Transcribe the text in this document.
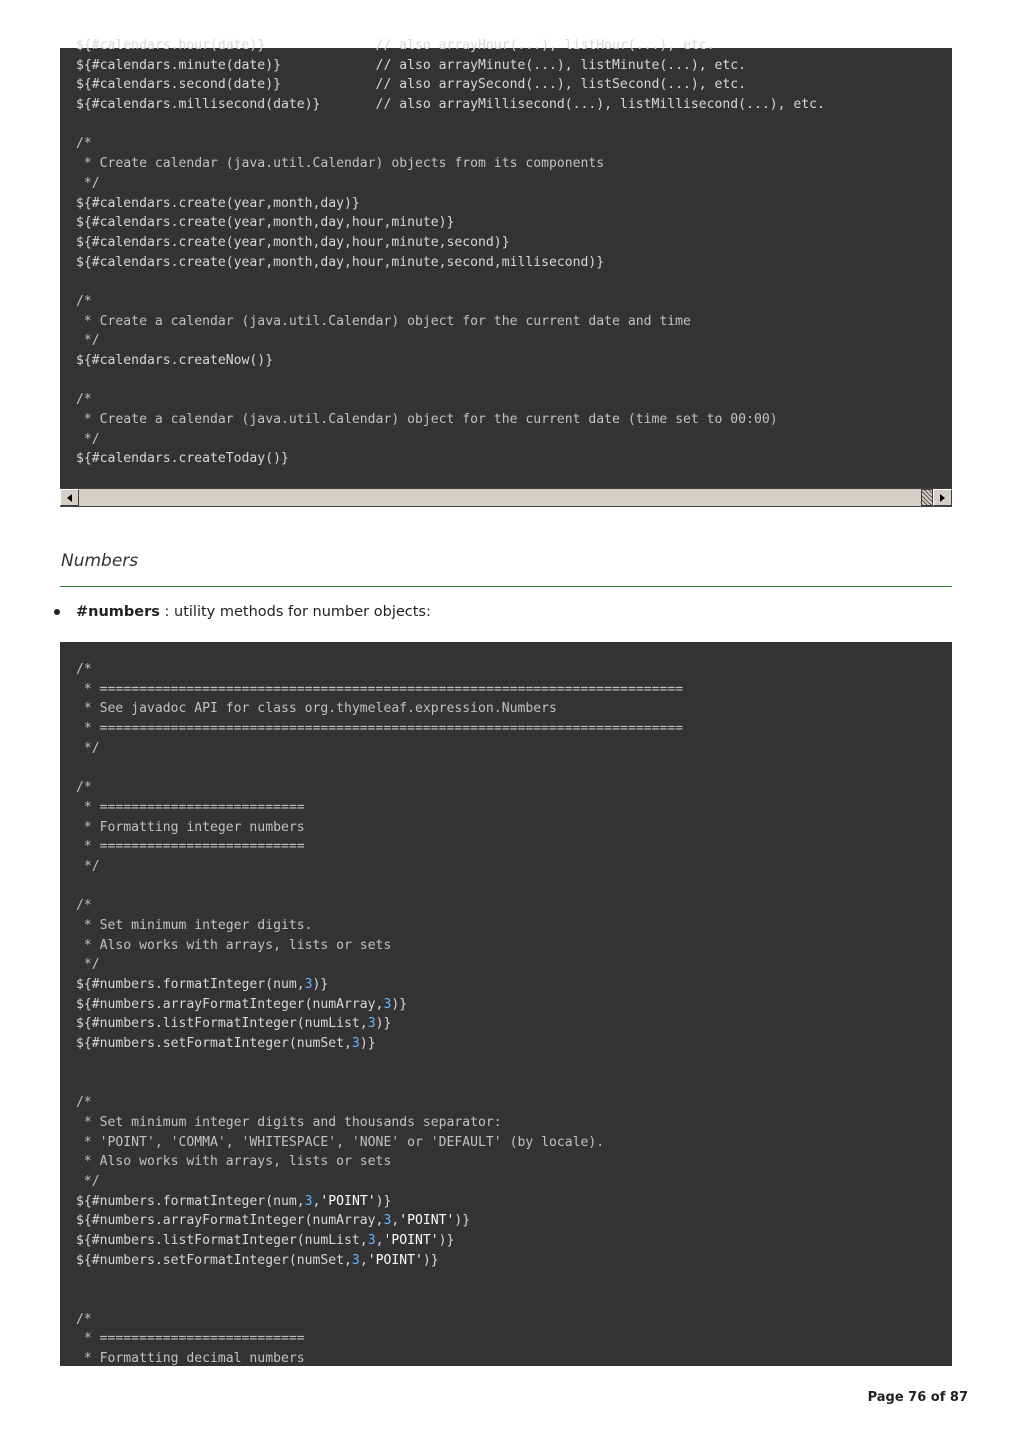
${#calendars.hour(date)}              // also arrayHour(...), listHour(...), etc.
${#calendars.minute(date)}            // also arrayMinute(...), listMinute(...), etc.
${#calendars.second(date)}            // also arraySecond(...), listSecond(...), etc.
${#calendars.millisecond(date)}       // also arrayMillisecond(...), listMillisecond(...), etc.
/*
* Create calendar (java.util.Calendar) objects from its components
*/
${#calendars.create(year,month,day)}
${#calendars.create(year,month,day,hour,minute)}
${#calendars.create(year,month,day,hour,minute,second)}
${#calendars.create(year,month,day,hour,minute,second,millisecond)}
/*
* Create a calendar (java.util.Calendar) object for the current date and time
*/
${#calendars.createNow()}
/*
* Create a calendar (java.util.Calendar) object for the current date (time set to 00:00)
*/
${#calendars.createToday()}
Numbers
#numbers : utility methods for number objects:
/*
* ==========================================================================
* See javadoc API for class org.thymeleaf.expression.Numbers
* ==========================================================================
*/
/*
* ==========================
* Formatting integer numbers
* ==========================
*/
/*
* Set minimum integer digits.
* Also works with arrays, lists or sets
*/
${#numbers.formatInteger(num,3)}
${#numbers.arrayFormatInteger(numArray,3)}
${#numbers.listFormatInteger(numList,3)}
${#numbers.setFormatInteger(numSet,3)}
/*
* Set minimum integer digits and thousands separator:
* 'POINT', 'COMMA', 'WHITESPACE', 'NONE' or 'DEFAULT' (by locale).
* Also works with arrays, lists or sets
*/
${#numbers.formatInteger(num,3,'POINT')}
${#numbers.arrayFormatInteger(numArray,3,'POINT')}
${#numbers.listFormatInteger(numList,3,'POINT')}
${#numbers.setFormatInteger(numSet,3,'POINT')}
/*
* ==========================
* Formatting decimal numbers
Page 76 of 87
